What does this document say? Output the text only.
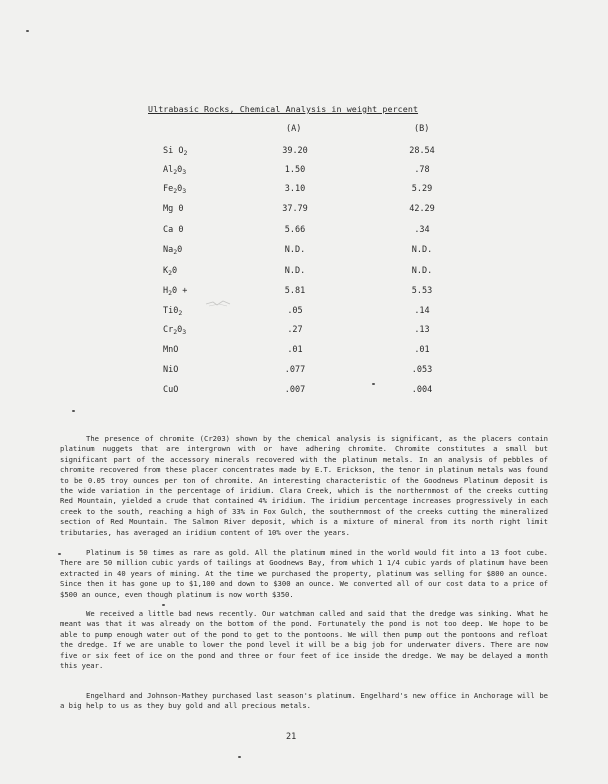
Ultrabasic Rocks, Chemical Analysis in weight percent
(A)	(B)
Si $O_2$	39.20	28.54
$Al_20_3$	1.50	.78
$Fe_20_3$	3.10	5.29
Mg 0	37.79	42.29
Ca 0	5.66	.34
$Na_20$	N.D.	N.D.
$K_20$	N.D.	N.D.
$H_20$ +	5.81	5.53
$Ti0_2$	.05	.14
$Cr_20_3$	.27	.13
MnO	.01	.01
NiO	.077	.053
CuO	.007	.004

The presence of chromite (Cr203) shown by the chemical analysis is significant, as the placers contain platinum nuggets that are intergrown with or have adhering chromite. Chromite constitutes a small but significant part of the accessory minerals recovered with the platinum metals. In an analysis of pebbles of chromite recovered from these placer concentrates made by E.T. Erickson, the tenor in platinum metals was found to be 0.05 troy ounces per ton of chromite. An interesting characteristic of the Goodnews Platinum deposit is the wide variation in the percentage of iridium. Clara Creek, which is the northernmost of the creeks cutting Red Mountain, yielded a crude that contained 4% iridium. The iridium percentage increases progressively in each creek to the south, reaching a high of 33% in Fox Gulch, the southernmost of the creeks cutting the mineralized section of Red Mountain. The Salmon River deposit, which is a mixture of mineral from its north right limit tributaries, has averaged an iridium content of 10% over the years.

Platinum is 50 times as rare as gold. All the platinum mined in the world would fit into a 13 foot cube. There are 50 million cubic yards of tailings at Goodnews Bay, from which 1 1/4 cubic yards of platinum have been extracted in 40 years of mining. At the time we purchased the property, platinum was selling for $800 an ounce. Since then it has gone up to $1,100 and down to $300 an ounce. We converted all of our cost data to a price of $500 an ounce, even though platinum is now worth $350.

We received a little bad news recently. Our watchman called and said that the dredge was sinking. What he meant was that it was already on the bottom of the pond. Fortunately the pond is not too deep. We hope to be able to pump enough water out of the pond to get to the pontoons. We will then pump out the pontoons and refloat the dredge. If we are unable to lower the pond level it will be a big job for underwater divers. There are now five or six feet of ice on the pond and three or four feet of ice inside the dredge. We may be delayed a month this year.

Engelhard and Johnson-Mathey purchased last season's platinum. Engelhard's new office in Anchorage will be a big help to us as they buy gold and all precious metals.

21
